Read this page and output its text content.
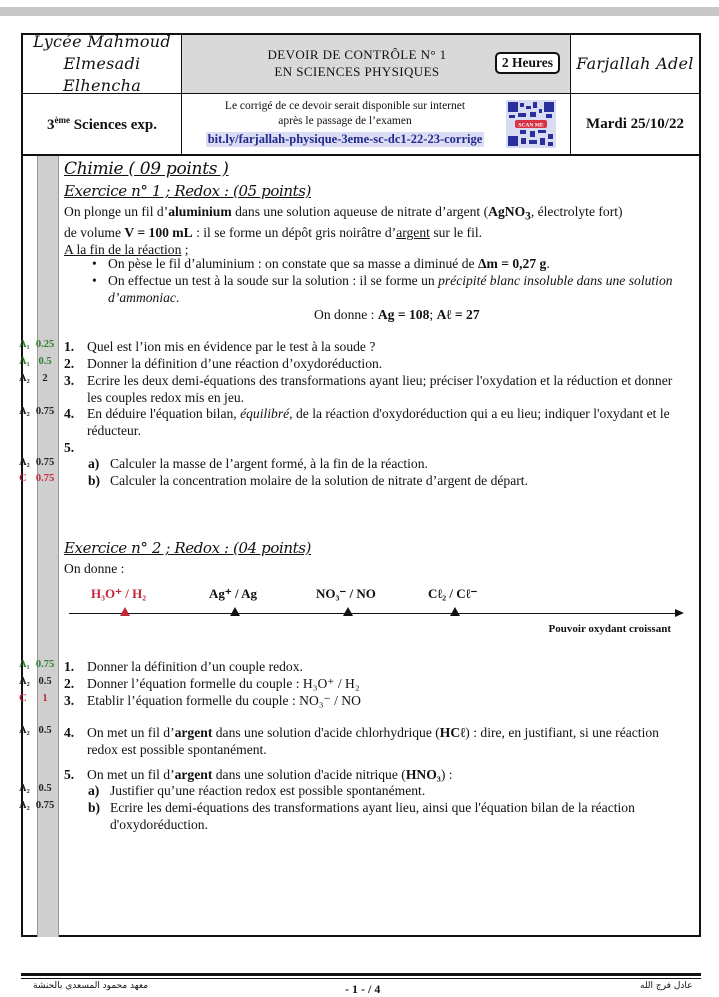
Lycée Mahmoud
Elmesadi Elhencha
DEVOIR DE CONTRÔLE N° 1
EN SCIENCES PHYSIQUES
2 Heures	Farjallah Adel
3ème Sciences exp.
Le corrigé de ce devoir serait disponible sur internet
après le passage de l’examen
bit.ly/farjallah-physique-3eme-sc-dc1-22-23-corrige
SCAN ME	Mardi 25/10/22
Chimie ( 09 points )
Exercice n° 1 ; Redox : (05 points)
On plonge un fil d’aluminium dans une solution aqueuse de nitrate d’argent (AgNO$_3$, électrolyte fort)
de volume V = 100 mL : il se forme un dépôt gris noirâtre d’argent sur le fil.
A la fin de la réaction ;
• On pèse le fil d’aluminium : on constate que sa masse a diminué de Δm = 0,27 g.
• On effectue un test à la soude sur la solution : il se forme un précipité blanc insoluble dans une solution d’ammoniac.
On donne : Ag = 108; Aℓ = 27
1. Quel est l’ion mis en évidence par le test à la soude ?
2. Donner la définition d’une réaction d’oxydoréduction.
3. Ecrire les deux demi-équations des transformations ayant lieu; préciser l'oxydation et la réduction et donner les couples redox mis en jeu.
4. En déduire l'équation bilan, équilibré, de la réaction d'oxydoréduction qui a eu lieu; indiquer l'oxydant et le réducteur.
5.
a) Calculer la masse de l’argent formé, à la fin de la réaction.
b) Calculer la concentration molaire de la solution de nitrate d’argent de départ.
Exercice n° 2 ; Redox : (04 points)
On donne :
H₃O⁺ / H₂	Ag⁺ / Ag	NO₃⁻ / NO	Cℓ₂ / Cℓ⁻
Pouvoir oxydant croissant
1. Donner la définition d’un couple redox.
2. Donner l’équation formelle du couple : H₃O⁺ / H₂
3. Etablir l’équation formelle du couple : NO₃⁻ / NO
4. On met un fil d’argent dans une solution d'acide chlorhydrique (HCℓ) : dire, en justifiant, si une réaction redox est possible spontanément.
5. On met un fil d’argent dans une solution d'acide nitrique (HNO₃) :
a) Justifier qu’une réaction redox est possible spontanément.
b) Ecrire les demi-équations des transformations ayant lieu, ainsi que l'équation bilan de la réaction d'oxydoréduction.
A₁ 0.25
A₁ 0.5
A₂	2
A₂ 0.75
A₂ 0.75
C 0.75
A₁ 0.75
A₂ 0.5
C	1
A₂ 0.5
A₂ 0.5
A₂ 0.75
معهد محمود المسعدي بالحنشة	- 1 - / 4	عادل فرج الله
